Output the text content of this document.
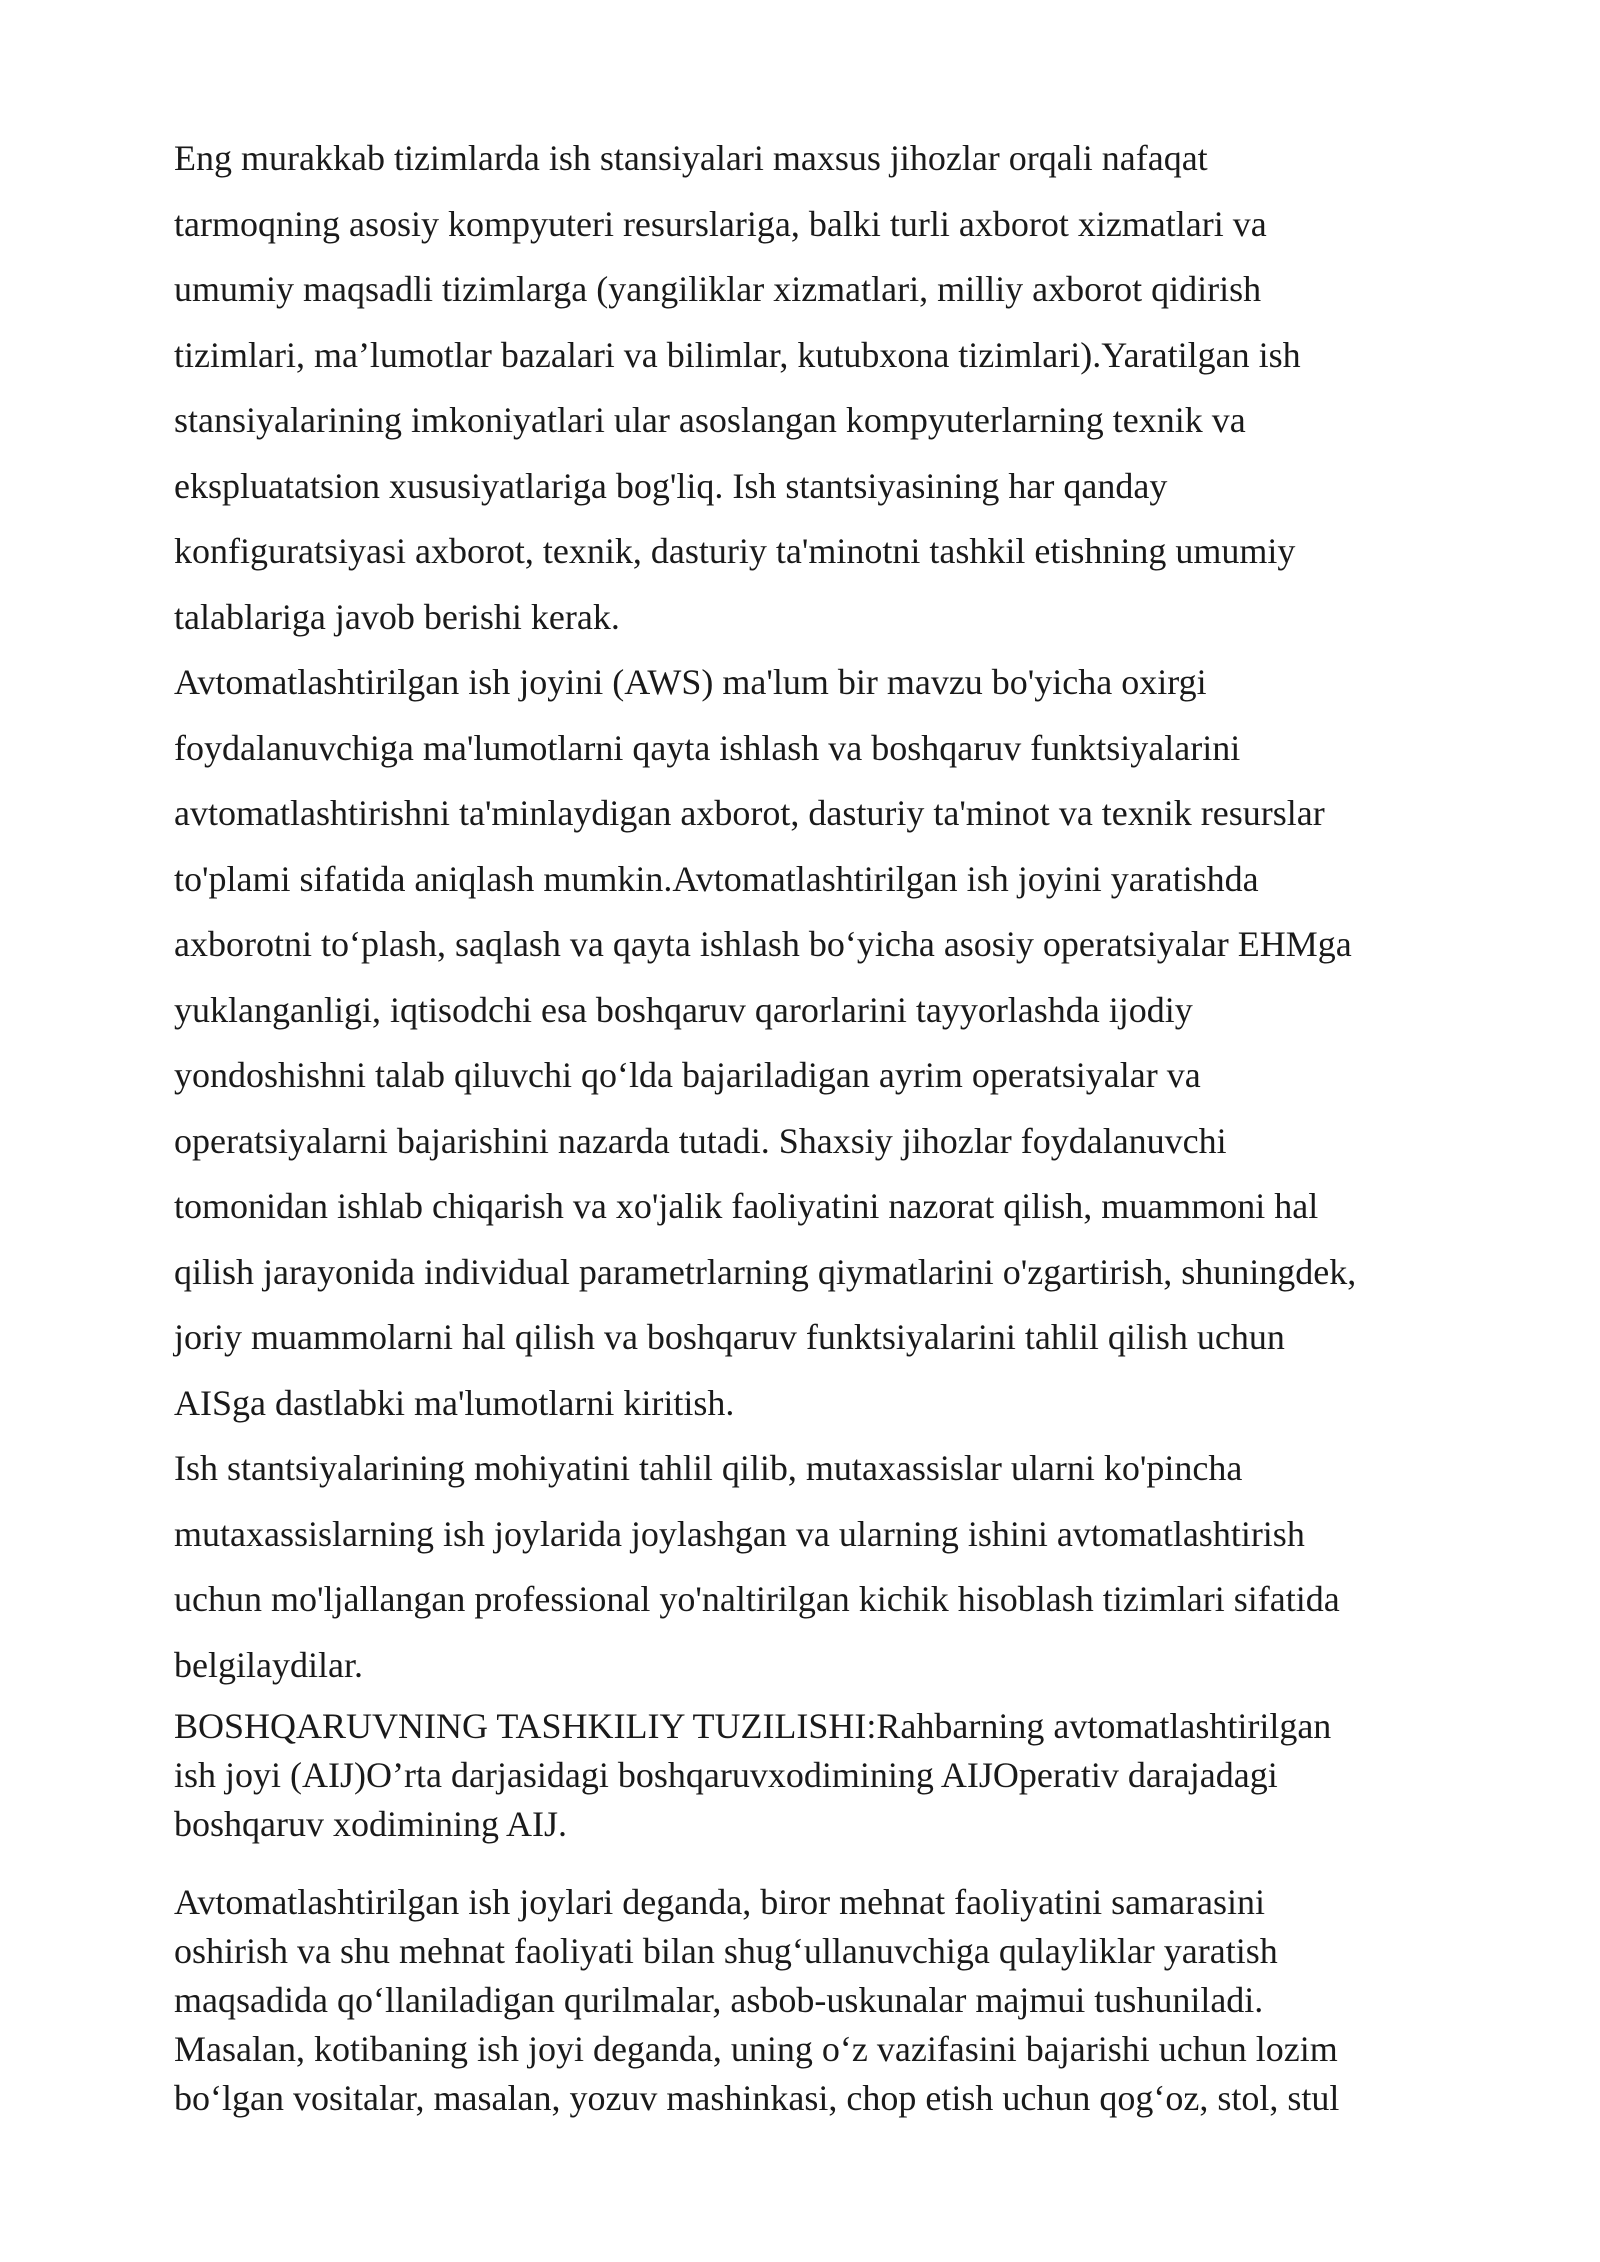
Eng murakkab tizimlarda ish stansiyalari maxsus jihozlar orqali nafaqat

tarmoqning asosiy kompyuteri resurslariga, balki turli axborot xizmatlari va

umumiy maqsadli tizimlarga (yangiliklar xizmatlari, milliy axborot qidirish

tizimlari, ma’lumotlar bazalari va bilimlar, kutubxona tizimlari).Yaratilgan ish

stansiyalarining imkoniyatlari ular asoslangan kompyuterlarning texnik va

ekspluatatsion xususiyatlariga bog'liq. Ish stantsiyasining har qanday

konfiguratsiyasi axborot, texnik, dasturiy ta'minotni tashkil etishning umumiy

talablariga javob berishi kerak.

Avtomatlashtirilgan ish joyini (AWS) ma'lum bir mavzu bo'yicha oxirgi

foydalanuvchiga ma'lumotlarni qayta ishlash va boshqaruv funktsiyalarini

avtomatlashtirishni ta'minlaydigan axborot, dasturiy ta'minot va texnik resurslar

to'plami sifatida aniqlash mumkin.Avtomatlashtirilgan ish joyini yaratishda

axborotni to‘plash, saqlash va qayta ishlash bo‘yicha asosiy operatsiyalar EHMga

yuklanganligi, iqtisodchi esa boshqaruv qarorlarini tayyorlashda ijodiy

yondoshishni talab qiluvchi qo‘lda bajariladigan ayrim operatsiyalar va

operatsiyalarni bajarishini nazarda tutadi. Shaxsiy jihozlar foydalanuvchi

tomonidan ishlab chiqarish va xo'jalik faoliyatini nazorat qilish, muammoni hal

qilish jarayonida individual parametrlarning qiymatlarini o'zgartirish, shuningdek,

joriy muammolarni hal qilish va boshqaruv funktsiyalarini tahlil qilish uchun

AISga dastlabki ma'lumotlarni kiritish.

Ish stantsiyalarining mohiyatini tahlil qilib, mutaxassislar ularni ko'pincha

mutaxassislarning ish joylarida joylashgan va ularning ishini avtomatlashtirish

uchun mo'ljallangan professional yo'naltirilgan kichik hisoblash tizimlari sifatida

belgilaydilar.

BOSHQARUVNING TASHKILIY TUZILISHI:Rahbarning avtomatlashtirilgan

ish joyi (AIJ)O’rta darjasidagi boshqaruvxodimining AIJOperativ darajadagi

boshqaruv xodimining AIJ.

Avtomatlashtirilgan ish joylari deganda, biror mehnat faoliyatini samarasini

oshirish va shu mehnat faoliyati bilan shug‘ullanuvchiga qulayliklar yaratish

maqsadida qo‘llaniladigan qurilmalar, asbob-uskunalar majmui tushuniladi.

Masalan, kotibaning ish joyi deganda, uning o‘z vazifasini bajarishi uchun lozim

bo‘lgan vositalar, masalan, yozuv mashinkasi, chop etish uchun qog‘oz, stol, stul
